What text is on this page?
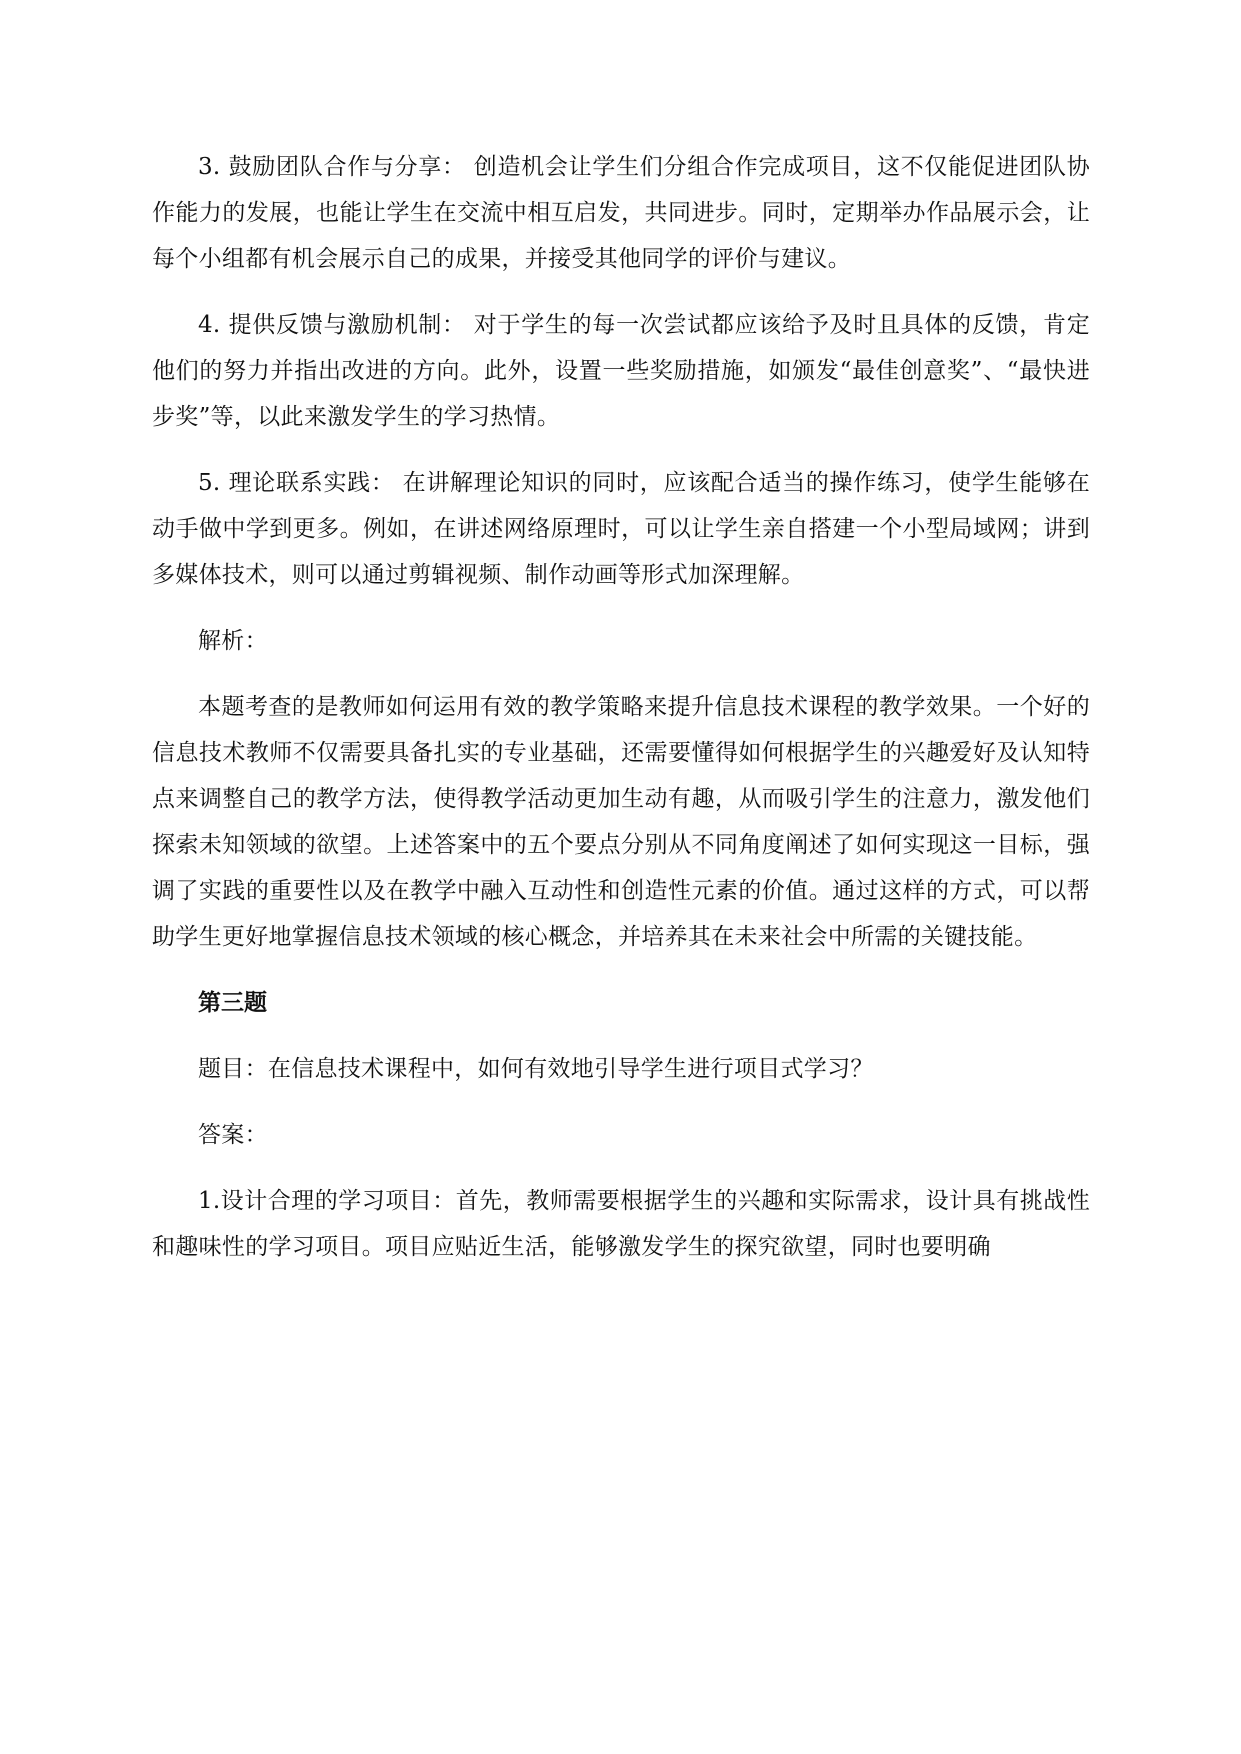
3. 鼓励团队合作与分享： 创造机会让学生们分组合作完成项目，这不仅能促进团队协作能力的发展，也能让学生在交流中相互启发，共同进步。同时，定期举办作品展示会，让每个小组都有机会展示自己的成果，并接受其他同学的评价与建议。

4. 提供反馈与激励机制： 对于学生的每一次尝试都应该给予及时且具体的反馈，肯定他们的努力并指出改进的方向。此外，设置一些奖励措施，如颁发“最佳创意奖”、“最快进步奖”等，以此来激发学生的学习热情。

5. 理论联系实践： 在讲解理论知识的同时，应该配合适当的操作练习，使学生能够在动手做中学到更多。例如，在讲述网络原理时，可以让学生亲自搭建一个小型局域网；讲到多媒体技术，则可以通过剪辑视频、制作动画等形式加深理解。

解析：

本题考查的是教师如何运用有效的教学策略来提升信息技术课程的教学效果。一个好的信息技术教师不仅需要具备扎实的专业基础，还需要懂得如何根据学生的兴趣爱好及认知特点来调整自己的教学方法，使得教学活动更加生动有趣，从而吸引学生的注意力，激发他们探索未知领域的欲望。上述答案中的五个要点分别从不同角度阐述了如何实现这一目标，强调了实践的重要性以及在教学中融入互动性和创造性元素的价值。通过这样的方式，可以帮助学生更好地掌握信息技术领域的核心概念，并培养其在未来社会中所需的关键技能。

第三题

题目：在信息技术课程中，如何有效地引导学生进行项目式学习？

答案：

1.设计合理的学习项目：首先，教师需要根据学生的兴趣和实际需求，设计具有挑战性和趣味性的学习项目。项目应贴近生活，能够激发学生的探究欲望，同时也要明确
